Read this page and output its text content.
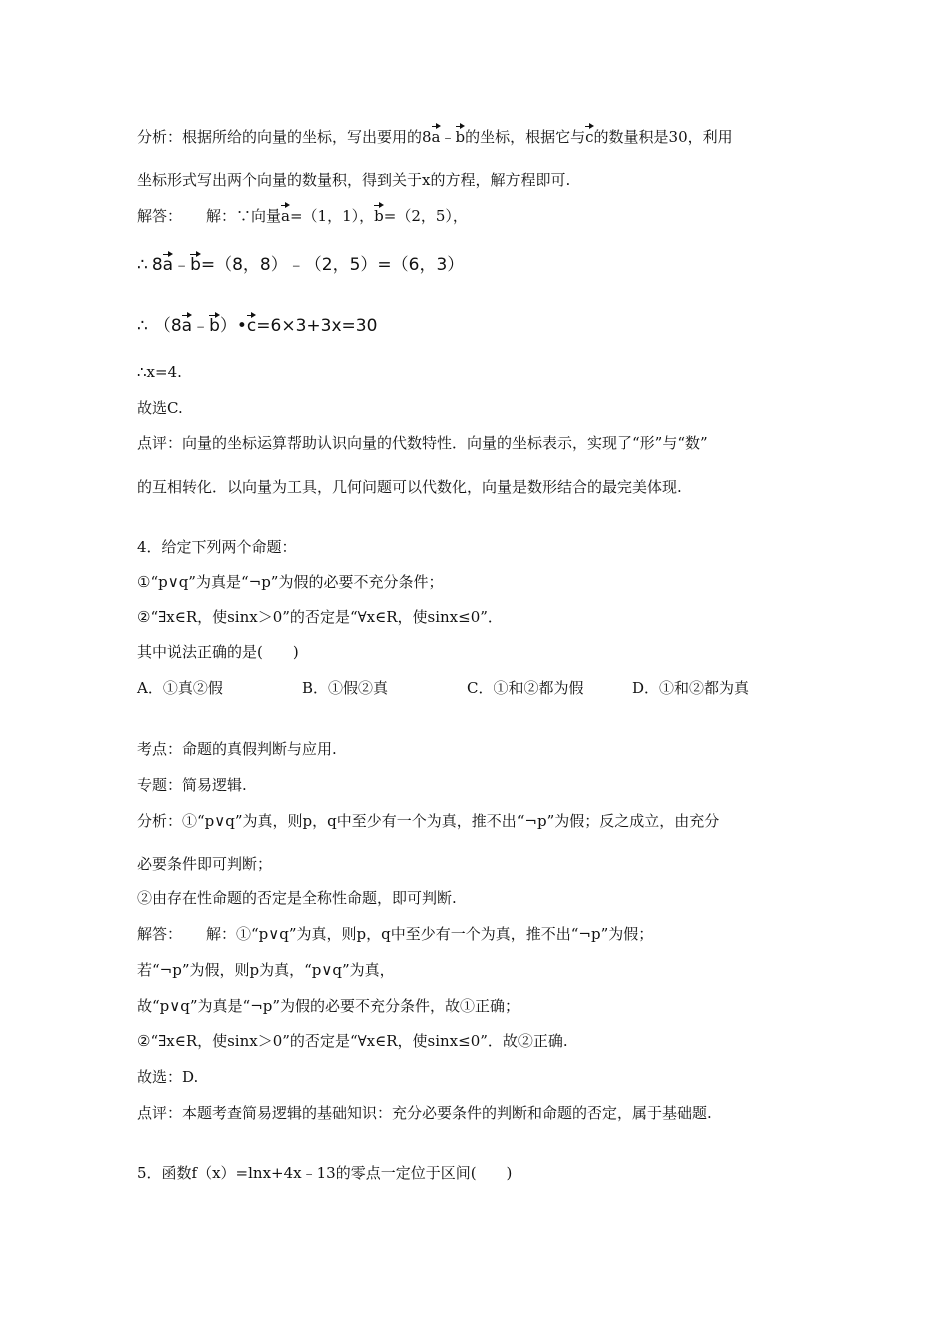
分析：根据所给的向量的坐标，写出要用的8a﹣b的坐标，根据它与c的数量积是30，利用
坐标形式写出两个向量的数量积，得到关于x的方程，解方程即可.
解答： 解：∵向量a=（1，1），b=（2，5），
∴ 8a﹣b=（8，8）﹣（2，5）=（6，3）
∴ （8a﹣b）•c=6×3+3x=30
∴x=4.
故选C.
点评：向量的坐标运算帮助认识向量的代数特性．向量的坐标表示，实现了“形”与“数”
的互相转化．以向量为工具，几何问题可以代数化，向量是数形结合的最完美体现.
4．给定下列两个命题：
①“p∨q”为真是“¬p”为假的必要不充分条件；
②“∃x∈R，使sinx＞0”的否定是“∀x∈R，使sinx≤0”．
其中说法正确的是(　　)
A．①真②假	B．①假②真	C．①和②都为假	D．①和②都为真
考点：命题的真假判断与应用.
专题：简易逻辑.
分析：①“p∨q”为真，则p，q中至少有一个为真，推不出“¬p”为假；反之成立，由充分
必要条件即可判断；
②由存在性命题的否定是全称性命题，即可判断.
解答： 解：①“p∨q”为真，则p，q中至少有一个为真，推不出“¬p”为假；
若“¬p”为假，则p为真，“p∨q”为真，
故“p∨q”为真是“¬p”为假的必要不充分条件，故①正确；
②“∃x∈R，使sinx＞0”的否定是“∀x∈R，使sinx≤0”．故②正确.
故选：D.
点评：本题考查简易逻辑的基础知识：充分必要条件的判断和命题的否定，属于基础题.
5．函数f（x）=lnx+4x﹣13的零点一定位于区间(　　)
